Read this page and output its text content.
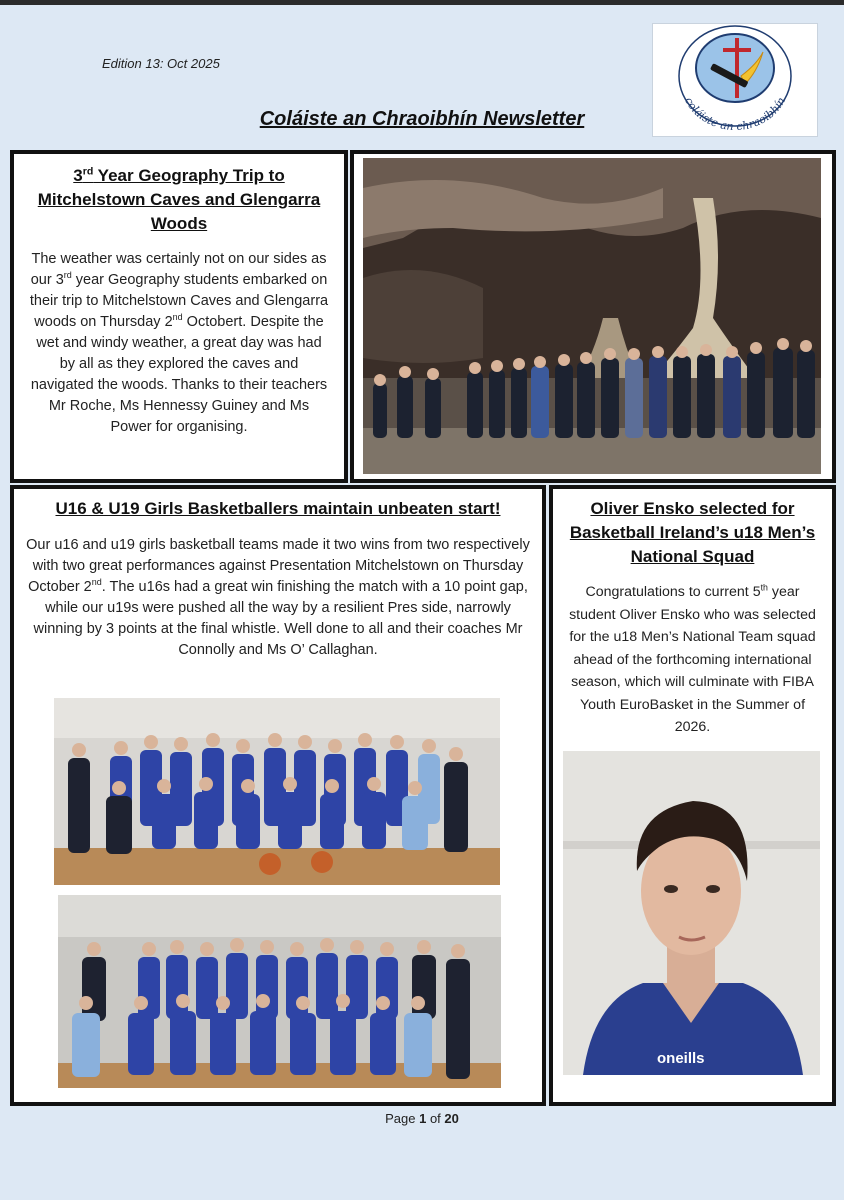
Edition 13: Oct 2025
coláiste an chraoibhín
Coláiste an Chraoibhín Newsletter
3rd Year Geography Trip to Mitchelstown Caves and Glengarra Woods

The weather was certainly not on our sides as our 3rd year Geography students embarked on their trip to Mitchelstown Caves and Glengarra woods on Thursday 2nd Octobert. Despite the wet and windy weather, a great day was had by all as they explored the caves and navigated the woods. Thanks to their teachers Mr Roche, Ms Hennessy Guiney and Ms Power for organising.

U16 & U19 Girls Basketballers maintain unbeaten start!

Our u16 and u19 girls basketball teams made it two wins from two respectively with two great performances against Presentation Mitchelstown on Thursday October 2nd. The u16s had a great win finishing the match with a 10 point gap, while our u19s were pushed all the way by a resilient Pres side, narrowly winning by 3 points at the final whistle. Well done to all and their coaches Mr Connolly and Ms O’ Callaghan.

Oliver Ensko selected for Basketball Ireland’s u18 Men’s National Squad

Congratulations to current 5th year student Oliver Ensko who was selected for the u18 Men’s National Team squad ahead of the forthcoming international season, which will culminate with FIBA Youth EuroBasket in the Summer of 2026.

oneills
Page 1 of 20
